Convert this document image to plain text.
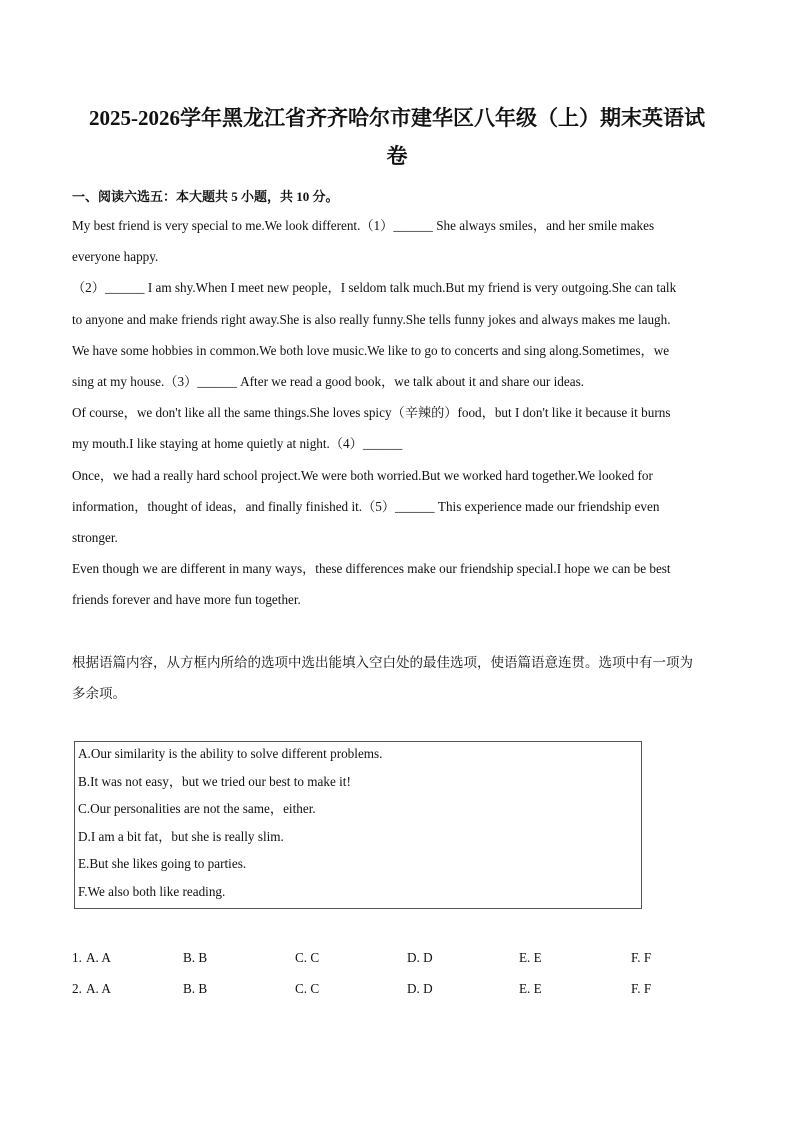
2025-2026学年黑龙江省齐齐哈尔市建华区八年级（上）期末英语试
卷
一、阅读六选五：本大题共 5 小题，共 10 分。
My best friend is very special to me.We look different.（1）______ She always smiles，and her smile makes
everyone happy.
（2）______ I am shy.When I meet new people，I seldom talk much.But my friend is very outgoing.She can talk
to anyone and make friends right away.She is also really funny.She tells funny jokes and always makes me laugh.
We have some hobbies in common.We both love music.We like to go to concerts and sing along.Sometimes，we
sing at my house.（3）______ After we read a good book，we talk about it and share our ideas.
Of course，we don't like all the same things.She loves spicy（辛辣的）food，but I don't like it because it burns
my mouth.I like staying at home quietly at night.（4）______
Once，we had a really hard school project.We were both worried.But we worked hard together.We looked for
information，thought of ideas，and finally finished it.（5）______ This experience made our friendship even
stronger.
Even though we are different in many ways，these differences make our friendship special.I hope we can be best
friends forever and have more fun together.
根据语篇内容，从方框内所给的选项中选出能填入空白处的最佳选项，使语篇语意连贯。选项中有一项为
多余项。
A.Our similarity is the ability to solve different problems.
B.It was not easy，but we tried our best to make it!
C.Our personalities are not the same，either.
D.I am a bit fat，but she is really slim.
E.But she likes going to parties.
F.We also both like reading.
1. A. A	B. B	C. C	D. D	E. E	F. F
2. A. A	B. B	C. C	D. D	E. E	F. F
